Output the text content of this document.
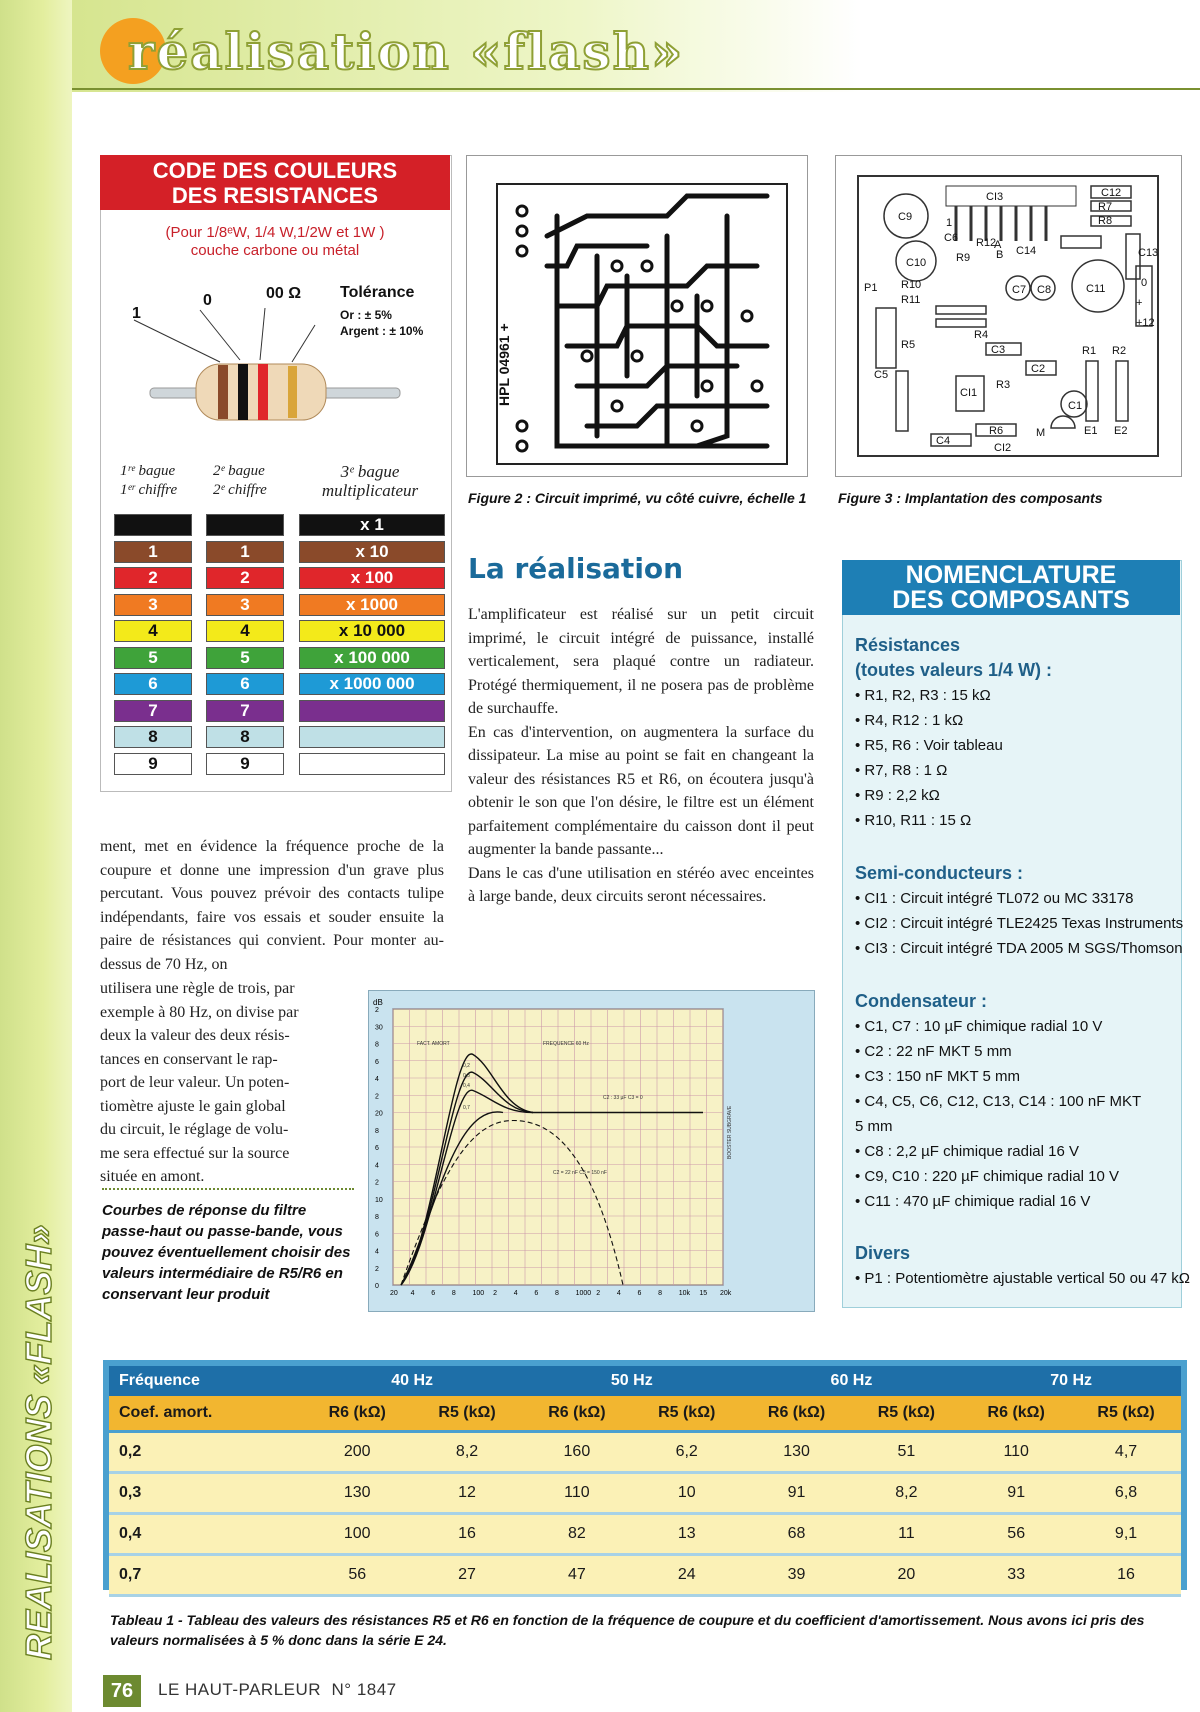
REALISATIONS «FLASH»
réalisation «flash»
CODE DES COULEURS
DES RESISTANCES
(Pour 1/8ᵉW, 1/4 W,1/2W et 1W )
couche carbone ou métal
1
0	00 Ω Tolérance
Or : ± 5%
Argent : ± 10%
1ʳᵉ bague
1ᵉʳ chiffre
2ᵉ bague
2ᵉ chiffre
3ᵉ bague
multiplicateur
x 1
1	1	x 10
2	2	x 100
3	3	x 1000
4	4	x 10 000
5	5	x 100 000
6	6	x 1000 000
7	7
8	8
9	9
HPL 04961 +
Figure 2 : Circuit imprimé, vu côté cuivre, échelle 1
CI3	C12
R7
R8
C9
C10
C6 R12
A C14
B	C13
R9
P1 R10
R11
C7 C8	C11	0
+
+12
R4
C3
C2
R5	R1 R2
C5
CI1
R3
C1
R6	M	E1 E2
C4
CI2
1
Figure 3 : Implantation des composants
La réalisation

L'amplificateur est réalisé sur un petit circuit imprimé, le circuit intégré de puissance, installé verticalement, sera plaqué contre un radiateur. Protégé thermiquement, il ne posera pas de problème de surchauffe.

En cas d'intervention, on augmentera la surface du dissipateur. La mise au point se fait en changeant la valeur des résistances R5 et R6, on écoutera jusqu'à obtenir le son que l'on désire, le filtre est un élément parfaitement complémentaire du caisson dont il peut augmenter la bande passante...

Dans le cas d'une utilisation en stéréo avec enceintes à large bande, deux circuits seront nécessaires.

ment, met en évidence la fréquence proche de la coupure et donne une impression d'un grave plus percutant. Vous pouvez prévoir des contacts tulipe indépendants, faire vos essais et souder ensuite la paire de résistances qui convient. Pour monter au-dessus de 70 Hz, on

utilisera une règle de trois, par
exemple à 80 Hz, on divise par
deux la valeur des deux résis-
tances en conservant le rap-
port de leur valeur. Un poten-
tiomètre ajuste le gain global
du circuit, le réglage de volu-
me sera effectué sur la source
située en amont.
Courbes de réponse du filtre passe-haut ou passe-bande, vous pouvez éventuellement choisir des valeurs intermédiaire de R5/R6 en conservant leur produit
dB
2
30
8
6
4
2
20
8
6
4
2
10
8
6
4
2
0
20 4 6 8 100 2 4 6 8 1000 2 4 6 8 10k 15 20k
FACT. AMORT	FREQUENCE 60 Hz
0,2
0,3
0,4
0,7
C2 : 33 µF C3 = 0
C2 = 22 nF C3 = 150 nF
BOOSTER SUBGRAVE
Résistances
(toutes valeurs 1/4 W) :
• R1, R2, R3 : 15 kΩ
• R4, R12 : 1 kΩ
• R5, R6 : Voir tableau
• R7, R8 : 1 Ω
• R9 : 2,2 kΩ
• R10, R11 : 15 Ω
Semi-conducteurs :
• CI1 : Circuit intégré TL072 ou MC 33178
• CI2 : Circuit intégré TLE2425 Texas Instruments
• CI3 : Circuit intégré TDA 2005 M SGS/Thomson
Condensateur :
• C1, C7 : 10 µF chimique radial 10 V
• C2 : 22 nF MKT 5 mm
• C3 : 150 nF MKT 5 mm
• C4, C5, C6, C12, C13, C14 : 100 nF MKT
5 mm
• C8 : 2,2 µF chimique radial 16 V
• C9, C10 : 220 µF chimique radial 10 V
• C11 : 470 µF chimique radial 16 V
Divers
• P1 : Potentiomètre ajustable vertical 50 ou 47 kΩ
NOMENCLATURE
DES COMPOSANTS
Fréquence	40 Hz		50 Hz		60 Hz		70 Hz	
Coef. amort.	R6 (kΩ)	R5 (kΩ)	R6 (kΩ)	R5 (kΩ)	R6 (kΩ)	R5 (kΩ)	R6 (kΩ)	R5 (kΩ)
0,2	200	8,2	160	6,2	130	51	110	4,7
0,3	130	12	110	10	91	8,2	91	6,8
0,4	100	16	82	13	68	11	56	9,1
0,7	56	27	47	24	39	20	33	16
Tableau 1 - Tableau des valeurs des résistances R5 et R6 en fonction de la fréquence de coupure et du coefficient d'amortissement. Nous avons ici pris des valeurs normalisées à 5 % donc dans la série E 24.
76	LE HAUT-PARLEUR N° 1847
